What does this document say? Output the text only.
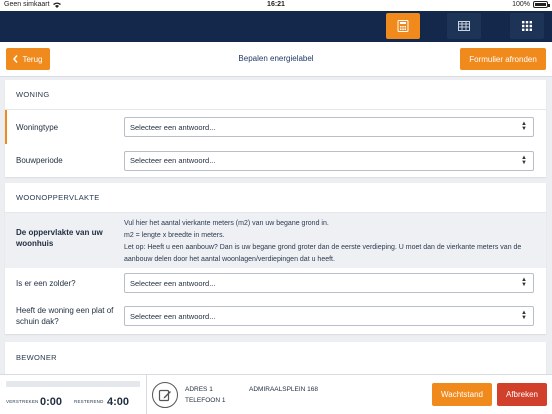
Geen simkaart	16:21	100%
Terug	Bepalen energielabel	Formulier afronden
WONING
Woningtype	Selecteer een antwoord...	▲
▼
Bouwperiode	Selecteer een antwoord...	▲
▼
WOONOPPERVLAKTE
De oppervlakte van uw woonhuis
Vul hier het aantal vierkante meters (m2) van uw begane grond in.
m2 = lengte x breedte in meters.
Let op: Heeft u een aanbouw? Dan is uw begane grond groter dan de eerste verdieping. U moet dan de vierkante meters van de aanbouw delen door het aantal woonlagen/verdiepingen dat u heeft.
Is er een zolder?	Selecteer een antwoord...	▲
▼
Heeft de woning een plat of schuin dak?
Selecteer een antwoord...	▲
▼
BEWONER
VERSTREKEN 0:00	RESTEREND 4:00
ADRES 1
TELEFOON 1
ADMIRAALSPLEIN 168
Wachtstand	Afbreken
